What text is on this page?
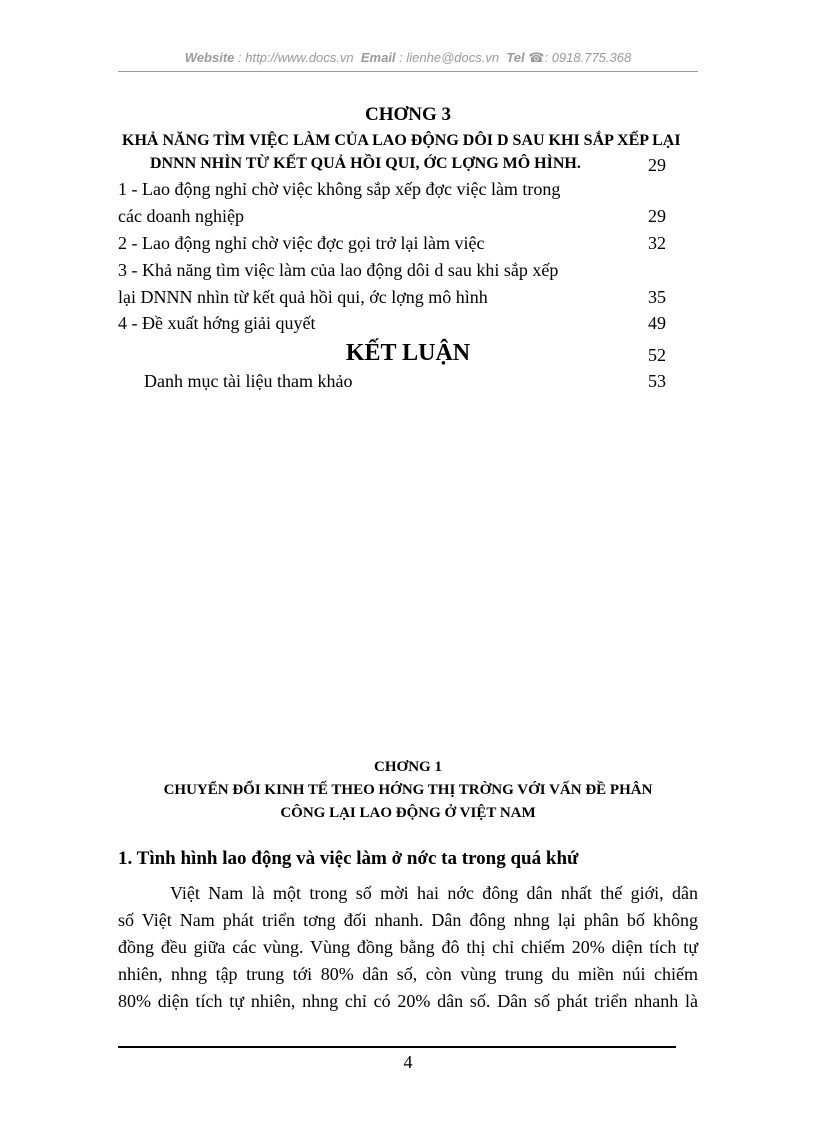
Website : http://www.docs.vn Email : lienhe@docs.vn Tel ☎: 0918.775.368
CHƠNG 3
KHẢ NĂNG TÌM VIỆC LÀM CỦA LAO ĐỘNG DÔI D SAU KHI SẮP XẾP LẠI
DNNN NHÌN TỪ KẾT QUẢ HỒI QUI, ỚC LỢNG MÔ HÌNH.	29
1 - Lao động nghỉ chờ việc không sắp xếp đợc việc làm trong
các doanh nghiệp	29
2 - Lao động nghỉ chờ việc đợc gọi trở lại làm việc	32
3 - Khả năng tìm việc làm của lao động dôi d sau khi sắp xếp
lại DNNN nhìn từ kết quả hồi qui, ớc lợng mô hình	35
4 - Đề xuất hớng giải quyết	49
KẾT LUẬN	52
Danh mục tài liệu tham khảo	53
CHƠNG 1
CHUYỂN ĐỔI KINH TẾ THEO HỚNG THỊ TRỜNG VỚI VẤN ĐỀ PHÂN
CÔNG LẠI LAO ĐỘNG Ở VIỆT NAM
1. Tình hình lao động và việc làm ở nớc ta trong quá khứ
Việt Nam là một trong số mời hai nớc đông dân nhất thế giới, dân
số Việt Nam phát triển tơng đối nhanh. Dân đông nhng lại phân bố không
đồng đều giữa các vùng. Vùng đồng bằng đô thị chỉ chiếm 20% diện tích tự
nhiên, nhng tập trung tới 80% dân số, còn vùng trung du miền núi chiếm
80% diện tích tự nhiên, nhng chỉ có 20% dân số. Dân số phát triển nhanh là
4
